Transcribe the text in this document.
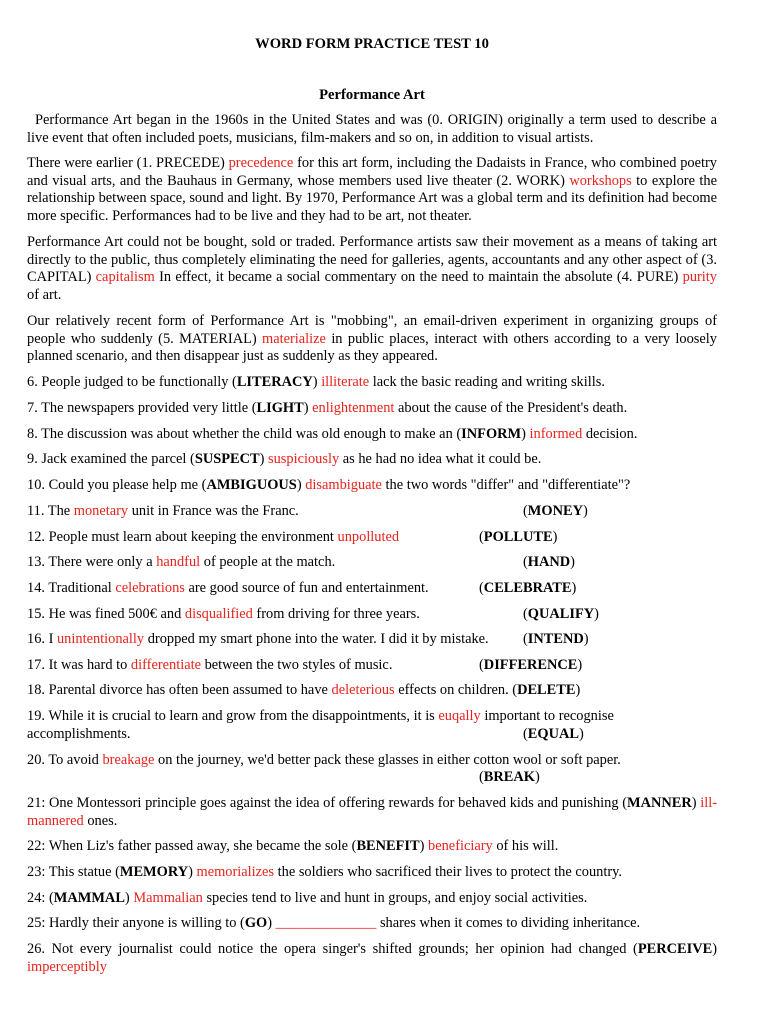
WORD FORM PRACTICE TEST 10
Performance Art

Performance Art began in the 1960s in the United States and was (0. ORIGIN) originally a term used to describe a live event that often included poets, musicians, film-makers and so on, in addition to visual artists.

There were earlier (1. PRECEDE) precedence for this art form, including the Dadaists in France, who combined poetry and visual arts, and the Bauhaus in Germany, whose members used live theater (2. WORK) workshops to explore the relationship between space, sound and light. By 1970, Performance Art was a global term and its definition had become more specific. Performances had to be live and they had to be art, not theater.

Performance Art could not be bought, sold or traded. Performance artists saw their movement as a means of taking art directly to the public, thus completely eliminating the need for galleries, agents, accountants and any other aspect of (3. CAPITAL) capitalism In effect, it became a social commentary on the need to maintain the absolute (4. PURE) purity of art.

Our relatively recent form of Performance Art is "mobbing", an email-driven experiment in organizing groups of people who suddenly (5. MATERIAL) materialize in public places, interact with others according to a very loosely planned scenario, and then disappear just as suddenly as they appeared.

6. People judged to be functionally (LITERACY) illiterate lack the basic reading and writing skills.
7. The newspapers provided very little (LIGHT) enlightenment about the cause of the President's death.
8. The discussion was about whether the child was old enough to make an (INFORM) informed decision.
9. Jack examined the parcel (SUSPECT) suspiciously as he had no idea what it could be.
10. Could you please help me (AMBIGUOUS) disambiguate the two words "differ" and "differentiate"?
11. The monetary unit in France was the Franc.	(MONEY)
12. People must learn about keeping the environment unpolluted	(POLLUTE)
13. There were only a handful of people at the match.	(HAND)
14. Traditional celebrations are good source of fun and entertainment.	(CELEBRATE)
15. He was fined 500€ and disqualified from driving for three years.	(QUALIFY)
16. I unintentionally dropped my smart phone into the water. I did it by mistake. (INTEND)
17. It was hard to differentiate between the two styles of music.	(DIFFERENCE)
18. Parental divorce has often been assumed to have deleterious effects on children. (DELETE)
19. While it is crucial to learn and grow from the disappointments, it is euqally important to recognise
accomplishments.	(EQUAL)
20. To avoid breakage on the journey, we'd better pack these glasses in either cotton wool or soft paper.
(BREAK)

21: One Montessori principle goes against the idea of offering rewards for behaved kids and punishing (MANNER) ill-mannered ones.

22: When Liz's father passed away, she became the sole (BENEFIT) beneficiary of his will.
23: This statue (MEMORY) memorializes the soldiers who sacrificed their lives to protect the country.
24: (MAMMAL) Mammalian species tend to live and hunt in groups, and enjoy social activities.
25: Hardly their anyone is willing to (GO) ______________ shares when it comes to dividing inheritance.

26. Not every journalist could notice the opera singer's shifted grounds; her opinion had changed (PERCEIVE) imperceptibly
